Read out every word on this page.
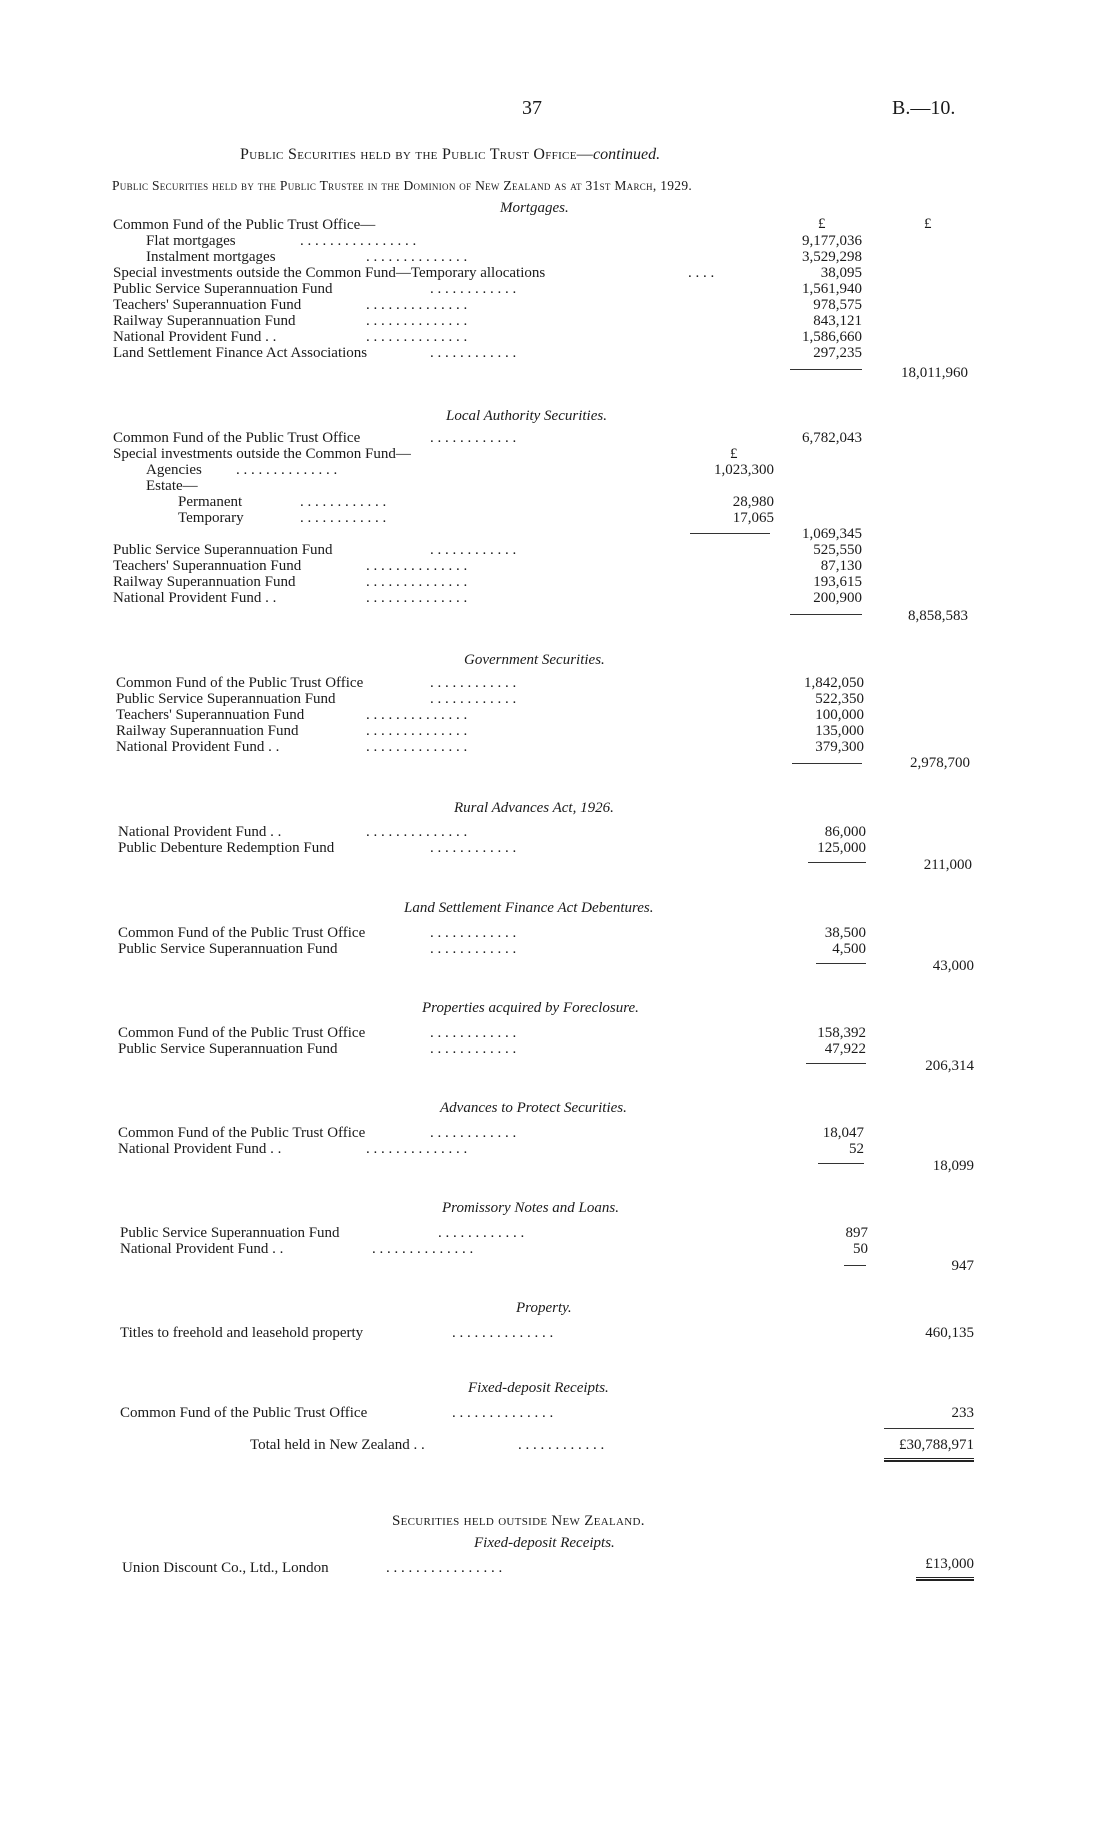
37	B.—10.
Public Securities held by the Public Trust Office—continued.
Public Securities held by the Public Trustee in the Dominion of New Zealand as at 31st March, 1929.
Mortgages.
£	£
Common Fund of the Public Trust Office—
Flat mortgages	. . . . . . . . . . . . . . . .	9,177,036
Instalment mortgages	. . . . . . . . . . . . . .	3,529,298
Special investments outside the Common Fund—Temporary allocations	. . . .	38,095
Public Service Superannuation Fund	. . . . . . . . . . . .	1,561,940
Teachers' Superannuation Fund	. . . . . . . . . . . . . .	978,575
Railway Superannuation Fund	. . . . . . . . . . . . . .	843,121
National Provident Fund . .	. . . . . . . . . . . . . .	1,586,660
Land Settlement Finance Act Associations	. . . . . . . . . . . .	297,235
18,011,960
Local Authority Securities.
Common Fund of the Public Trust Office	. . . . . . . . . . . .	6,782,043
Special investments outside the Common Fund—	£
Agencies . . . . . . . . . . . . . .	1,023,300
Estate—
Permanent	. . . . . . . . . . . .	28,980
Temporary	. . . . . . . . . . . .	17,065
1,069,345
Public Service Superannuation Fund	. . . . . . . . . . . .	525,550
Teachers' Superannuation Fund	. . . . . . . . . . . . . .	87,130
Railway Superannuation Fund	. . . . . . . . . . . . . .	193,615
National Provident Fund . .	. . . . . . . . . . . . . .	200,900
8,858,583
Government Securities.
Common Fund of the Public Trust Office	. . . . . . . . . . . .	1,842,050
Public Service Superannuation Fund	. . . . . . . . . . . .	522,350
Teachers' Superannuation Fund	. . . . . . . . . . . . . .	100,000
Railway Superannuation Fund	. . . . . . . . . . . . . .	135,000
National Provident Fund . .	. . . . . . . . . . . . . .	379,300
2,978,700
Rural Advances Act, 1926.
National Provident Fund . .	. . . . . . . . . . . . . .	86,000
Public Debenture Redemption Fund	. . . . . . . . . . . .	125,000
211,000
Land Settlement Finance Act Debentures.
Common Fund of the Public Trust Office	. . . . . . . . . . . .	38,500
Public Service Superannuation Fund	. . . . . . . . . . . .	4,500
43,000
Properties acquired by Foreclosure.
Common Fund of the Public Trust Office	. . . . . . . . . . . .	158,392
Public Service Superannuation Fund	. . . . . . . . . . . .	47,922
206,314
Advances to Protect Securities.
Common Fund of the Public Trust Office	. . . . . . . . . . . .	18,047
National Provident Fund . .	. . . . . . . . . . . . . .	52
18,099
Promissory Notes and Loans.
Public Service Superannuation Fund	. . . . . . . . . . . .	897
National Provident Fund . .	. . . . . . . . . . . . . .	50
947
Property.
Titles to freehold and leasehold property	. . . . . . . . . . . . . .	460,135
Fixed-deposit Receipts.
Common Fund of the Public Trust Office	. . . . . . . . . . . . . .	233
Total held in New Zealand . .	. . . . . . . . . . . .	£30,788,971
Securities held outside New Zealand.
Fixed-deposit Receipts.
Union Discount Co., Ltd., London	. . . . . . . . . . . . . . . .	£13,000
